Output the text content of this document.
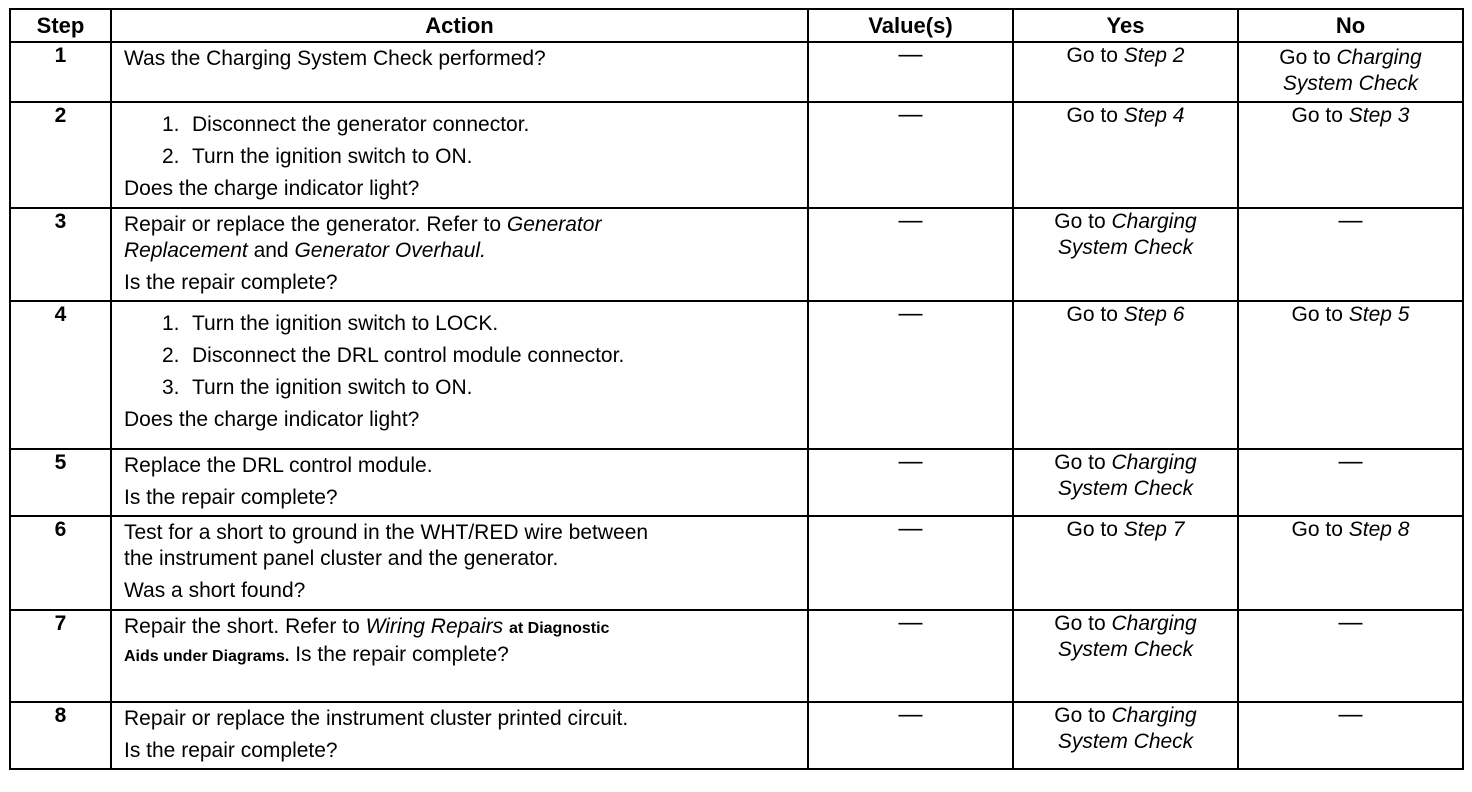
Step	Action	Value(s)	Yes	No
1	Was the Charging System Check performed?	—	Go to Step 2	Go to Charging
System Check

2	1. Disconnect the generator connector.
2. Turn the ignition switch to ON.
Does the charge indicator light?	—	Go to Step 4	Go to Step 3

3	Repair or replace the generator. Refer to Generator
Replacement and Generator Overhaul.
Is the repair complete?	—	Go to Charging
System Check	—
4	1. Turn the ignition switch to LOCK.
2. Disconnect the DRL control module connector.
3. Turn the ignition switch to ON.
Does the charge indicator light?	—	Go to Step 6	Go to Step 5

5	Replace the DRL control module.
Is the repair complete?	—	Go to Charging
System Check	—
6	Test for a short to ground in the WHT/RED wire between
the instrument panel cluster and the generator.
Was a short found?	—	Go to Step 7	Go to Step 8

7	Repair the short. Refer to Wiring Repairs at Diagnostic
Aids under Diagrams. Is the repair complete?	—	Go to Charging
System Check	—
8	Repair or replace the instrument cluster printed circuit.
Is the repair complete?	—	Go to Charging
System Check	—
